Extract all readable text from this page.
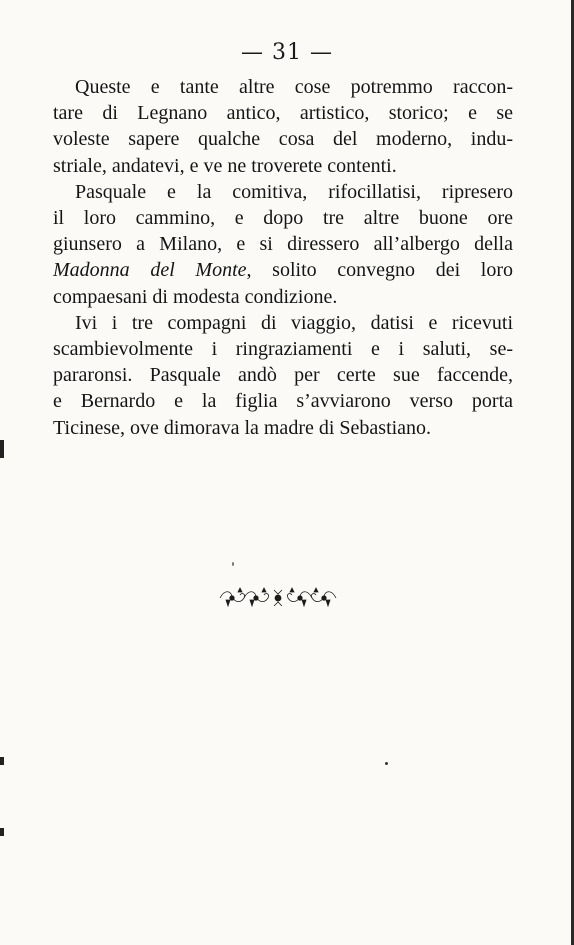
— 31 —
Queste e tante altre cose potremmo raccon-
tare di Legnano antico, artistico, storico; e se
voleste sapere qualche cosa del moderno, indu-
striale, andatevi, e ve ne troverete contenti.
Pasquale e la comitiva, rifocillatisi, ripresero
il loro cammino, e dopo tre altre buone ore
giunsero a Milano, e si diressero all’albergo della
Madonna del Monte, solito convegno dei loro
compaesani di modesta condizione.
Ivi i tre compagni di viaggio, datisi e ricevuti
scambievolmente i ringraziamenti e i saluti, se-
pararonsi. Pasquale andò per certe sue faccende,
e Bernardo e la figlia s’avviarono verso porta
Ticinese, ove dimorava la madre di Sebastiano.
